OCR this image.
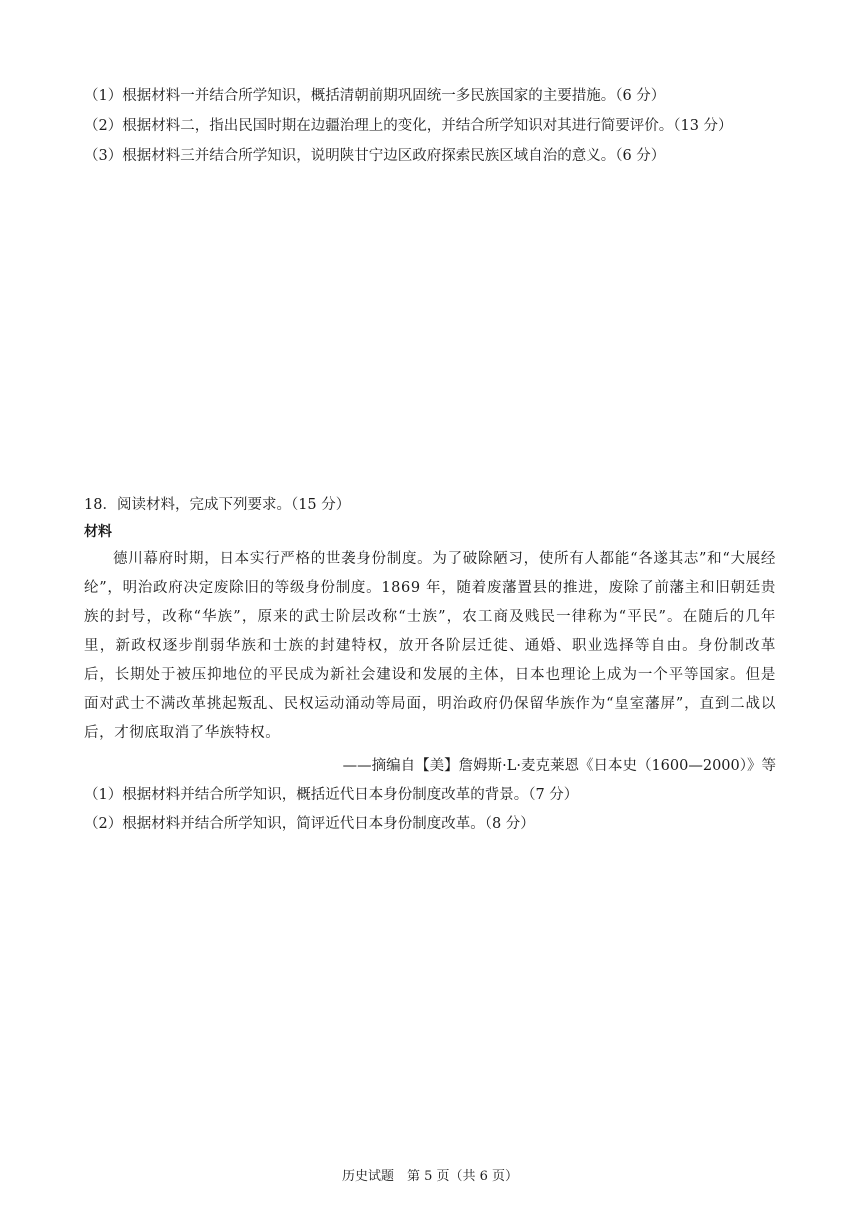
（1）根据材料一并结合所学知识，概括清朝前期巩固统一多民族国家的主要措施。（6 分）
（2）根据材料二，指出民国时期在边疆治理上的变化，并结合所学知识对其进行简要评价。（13 分）
（3）根据材料三并结合所学知识，说明陕甘宁边区政府探索民族区域自治的意义。（6 分）
18．阅读材料，完成下列要求。（15 分）
材料

德川幕府时期，日本实行严格的世袭身份制度。为了破除陋习，使所有人都能“各遂其志”和“大展经纶”，明治政府决定废除旧的等级身份制度。1869 年，随着废藩置县的推进，废除了前藩主和旧朝廷贵族的封号，改称“华族”，原来的武士阶层改称“士族”，农工商及贱民一律称为“平民”。在随后的几年里，新政权逐步削弱华族和士族的封建特权，放开各阶层迁徙、通婚、职业选择等自由。身份制改革后，长期处于被压抑地位的平民成为新社会建设和发展的主体，日本也理论上成为一个平等国家。但是面对武士不满改革挑起叛乱、民权运动涌动等局面，明治政府仍保留华族作为“皇室藩屏”，直到二战以后，才彻底取消了华族特权。

——摘编自【美】詹姆斯·L·麦克莱恩《日本史（1600—2000）》等
（1）根据材料并结合所学知识，概括近代日本身份制度改革的背景。（7 分）
（2）根据材料并结合所学知识，简评近代日本身份制度改革。（8 分）
历史试题　第 5 页（共 6 页）
